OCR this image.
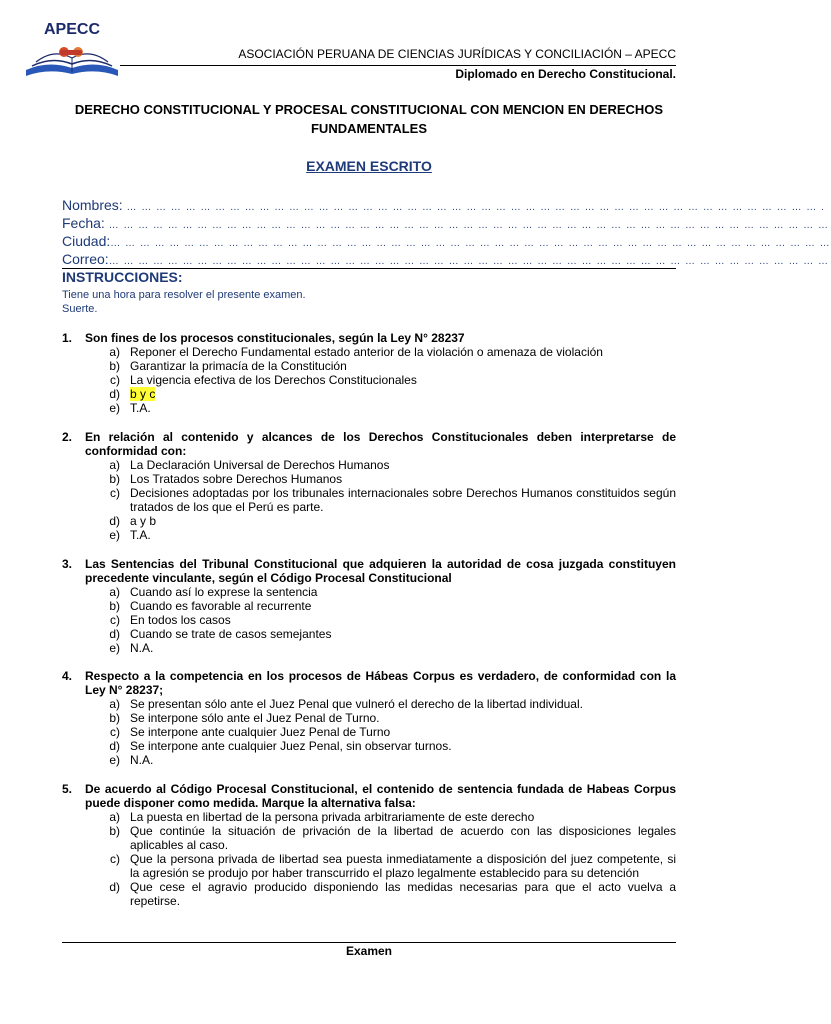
APECC
ASOCIACIÓN PERUANA DE CIENCIAS JURÍDICAS Y CONCILIACIÓN – APECC
Diplomado en Derecho Constitucional.
DERECHO CONSTITUCIONAL Y PROCESAL CONSTITUCIONAL CON MENCION EN DERECHOS FUNDAMENTALES
EXAMEN ESCRITO
Nombres: … … … … … … … … … … … … … … … … … … … … … … … … … … … … … … … … … … … … … … … … … … … … … … … .
Fecha: … … … … … … … … … … … … … … … … … … … … … … … … … … … … … … … … … … … … … … … … … … … … … … … … …
Ciudad:… … … … … … … … … … … … … … … … … … … … … … … … … … … … … … … … … … … … … … … … … … … … … … … … …
Correo:… … … … … … … … … … … … … … … … … … … … … … … … … … … … … … … … … … … … … … … … … … … … … … … … …
INSTRUCCIONES:
Tiene una hora para resolver el presente examen.
Suerte.
1.	Son fines de los procesos constitucionales, según la Ley N° 28237
a) Reponer el Derecho Fundamental estado anterior de la violación o amenaza de violación
b) Garantizar la primacía de la Constitución
c) La vigencia efectiva de los Derechos Constitucionales
d) b y c
e) T.A.
2.	En relación al contenido y alcances de los Derechos Constitucionales deben interpretarse de conformidad con:
a) La Declaración Universal de Derechos Humanos
b) Los Tratados sobre Derechos Humanos
c) Decisiones adoptadas por los tribunales internacionales sobre Derechos Humanos constituidos según tratados de los que el Perú es parte.
d) a y b
e) T.A.
3.	Las Sentencias del Tribunal Constitucional que adquieren la autoridad de cosa juzgada constituyen precedente vinculante, según el Código Procesal Constitucional
a) Cuando así lo exprese la sentencia
b) Cuando es favorable al recurrente
c) En todos los casos
d) Cuando se trate de casos semejantes
e) N.A.
4.	Respecto a la competencia en los procesos de Hábeas Corpus es verdadero, de conformidad con la Ley N° 28237;
a) Se presentan sólo ante el Juez Penal que vulneró el derecho de la libertad individual.
b) Se interpone sólo ante el Juez Penal de Turno.
c) Se interpone ante cualquier Juez Penal de Turno
d) Se interpone ante cualquier Juez Penal, sin observar turnos.
e) N.A.
5.	De acuerdo al Código Procesal Constitucional, el contenido de sentencia fundada de Habeas Corpus puede disponer como medida. Marque la alternativa falsa:
a) La puesta en libertad de la persona privada arbitrariamente de este derecho
b) Que continúe la situación de privación de la libertad de acuerdo con las disposiciones legales aplicables al caso.
c) Que la persona privada de libertad sea puesta inmediatamente a disposición del juez competente, si la agresión se produjo por haber transcurrido el plazo legalmente establecido para su detención
d) Que cese el agravio producido disponiendo las medidas necesarias para que el acto vuelva a repetirse.
Examen
